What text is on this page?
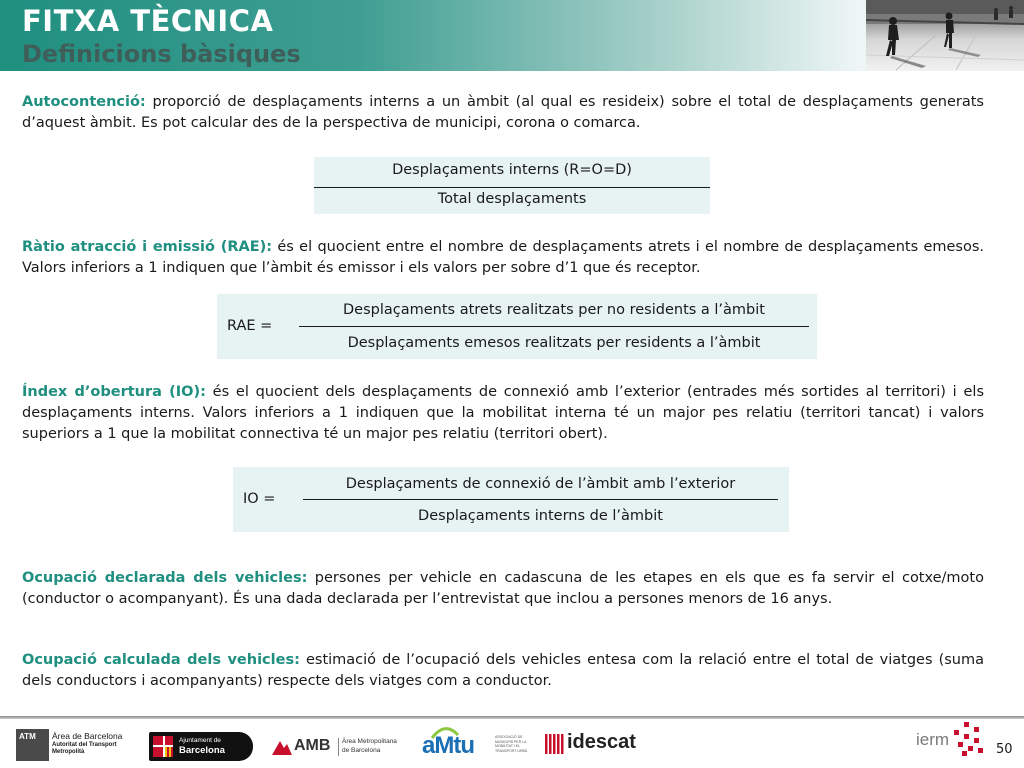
FITXA TÈCNICA
Definicions bàsiques
Autocontenció: proporció de desplaçaments interns a un àmbit (al qual es resideix) sobre el total de desplaçaments generats d’aquest àmbit. Es pot calcular des de la perspectiva de municipi, corona o comarca.
Desplaçaments interns (R=O=D)
Total desplaçaments
Ràtio atracció i emissió (RAE): és el quocient entre el nombre de desplaçaments atrets i el nombre de desplaçaments emesos. Valors inferiors a 1 indiquen que l’àmbit és emissor i els valors per sobre d’1 que és receptor.
RAE =
Desplaçaments atrets realitzats per no residents a l’àmbit
Desplaçaments emesos realitzats per residents a l’àmbit
Índex d’obertura (IO): és el quocient dels desplaçaments de connexió amb l’exterior (entrades més sortides al territori) i els desplaçaments interns. Valors inferiors a 1 indiquen que la mobilitat interna té un major pes relatiu (territori tancat) i valors superiors a 1 que la mobilitat connectiva té un major pes relatiu (territori obert).
IO =
Desplaçaments de connexió de l’àmbit amb l’exterior
Desplaçaments interns de l’àmbit
Ocupació declarada dels vehicles: persones per vehicle en cadascuna de les etapes en els que es fa servir el cotxe/moto (conductor o acompanyant). És una dada declarada per l’entrevistat que inclou a persones menors de 16 anys.
Ocupació calculada dels vehicles: estimació de l’ocupació dels vehicles entesa com la relació entre el total de viatges (suma dels conductors i acompanyants) respecte dels viatges com a conductor.
ATM Àrea de Barcelona
Autoritat del Transport
Metropolità
Ajuntament de
Barcelona	AMB Àrea Metropolitana
de Barcelona aMtu	ASSOCIACIÓ DE MUNICIPIS PER LA MOBILITAT I EL TRANSPORT URBÀ	idescat	ierm
50
